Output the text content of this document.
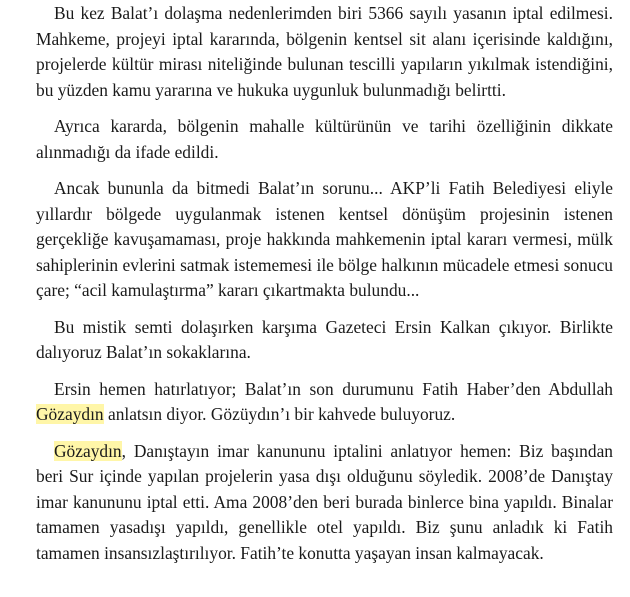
Bu kez Balat’ı dolaşma nedenlerimden biri 5366 sayılı yasanın iptal edilmesi. Mahkeme, projeyi iptal kararında, bölgenin kentsel sit alanı içerisinde kaldığını, projelerde kültür mirası niteliğinde bulunan tescilli yapıların yıkılmak istendiğini, bu yüzden kamu yararına ve hukuka uygunluk bulunmadığı belirtti.

Ayrıca kararda, bölgenin mahalle kültürünün ve tarihi özelliğinin dikkate alınmadığı da ifade edildi.

Ancak bununla da bitmedi Balat’ın sorunu... AKP’li Fatih Belediyesi eliyle yıllardır bölgede uygulanmak istenen kentsel dönüşüm projesinin istenen gerçekliğe kavuşamaması, proje hakkında mahkemenin iptal kararı vermesi, mülk sahiplerinin evlerini satmak istememesi ile bölge halkının mücadele etmesi sonucu çare; “acil kamulaştırma” kararı çıkartmakta bulundu...

Bu mistik semti dolaşırken karşıma Gazeteci Ersin Kalkan çıkıyor. Birlikte dalıyoruz Balat’ın sokaklarına.

Ersin hemen hatırlatıyor; Balat’ın son durumunu Fatih Haber’den Abdullah Gözaydın anlatsın diyor. Gözüydın’ı bir kahvede buluyoruz.

Gözaydın, Danıştayın imar kanununu iptalini anlatıyor hemen: Biz başından beri Sur içinde yapılan projelerin yasa dışı olduğunu söyledik. 2008’de Danıştay imar kanununu iptal etti. Ama 2008’den beri burada binlerce bina yapıldı. Binalar tamamen yasadışı yapıldı, genellikle otel yapıldı. Biz şunu anladık ki Fatih tamamen insansızlaştırılıyor. Fatih’te konutta yaşayan insan kalmayacak.
